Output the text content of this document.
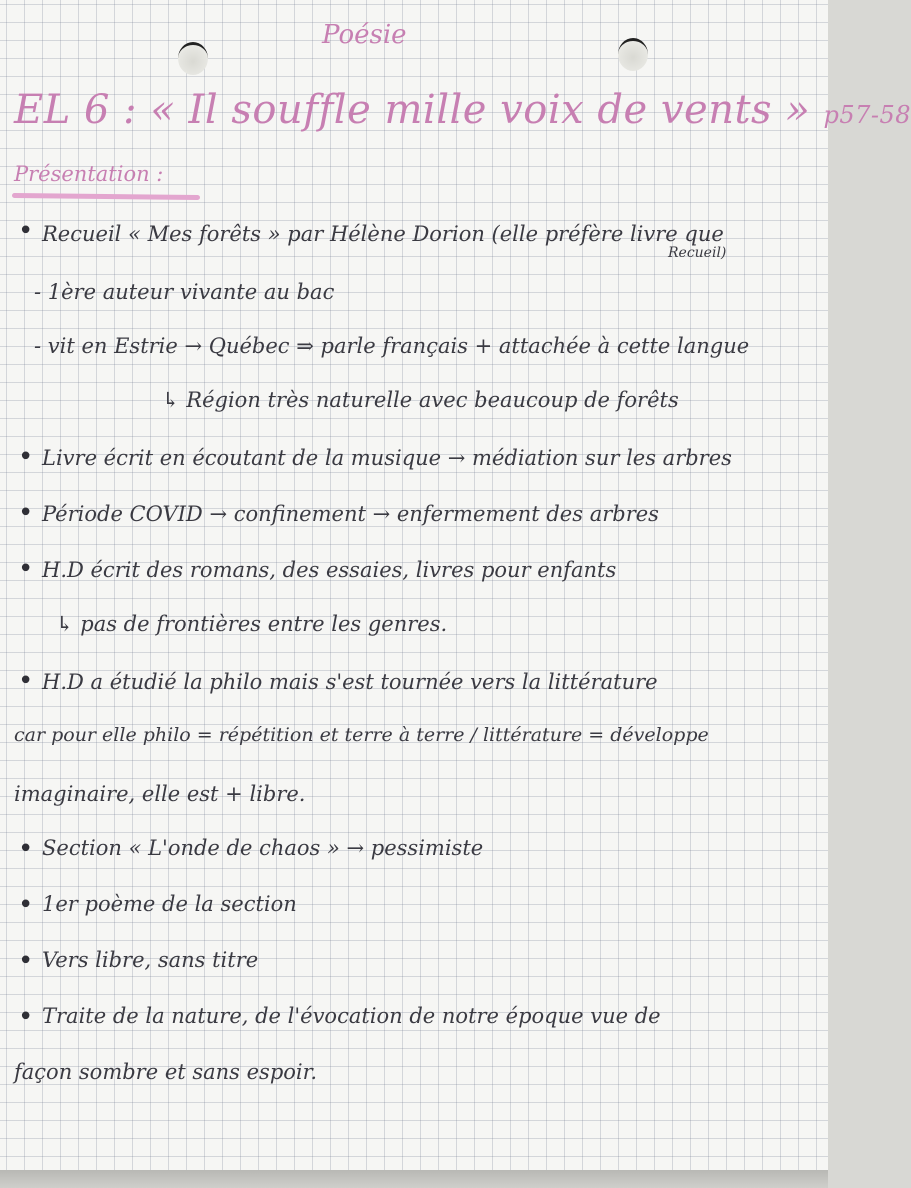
Poésie
EL 6 : « Il souffle mille voix de vents » p57-58
Présentation :
•
•
•
•
•
•
•
•
•
Recueil « Mes forêts » par Hélène Dorion (elle préfère livre que
Recueil)
- 1ère auteur vivante au bac
- vit en Estrie → Québec ⇒ parle français + attachée à cette langue
↳ Région très naturelle avec beaucoup de forêts
Livre écrit en écoutant de la musique → médiation sur les arbres
Période COVID → confinement → enfermement des arbres
H.D écrit des romans, des essaies, livres pour enfants
↳ pas de frontières entre les genres.
H.D a étudié la philo mais s'est tournée vers la littérature
car pour elle philo = répétition et terre à terre / littérature = développe
imaginaire, elle est + libre.
Section « L'onde de chaos » → pessimiste
1er poème de la section
Vers libre, sans titre
Traite de la nature, de l'évocation de notre époque vue de
façon sombre et sans espoir.
